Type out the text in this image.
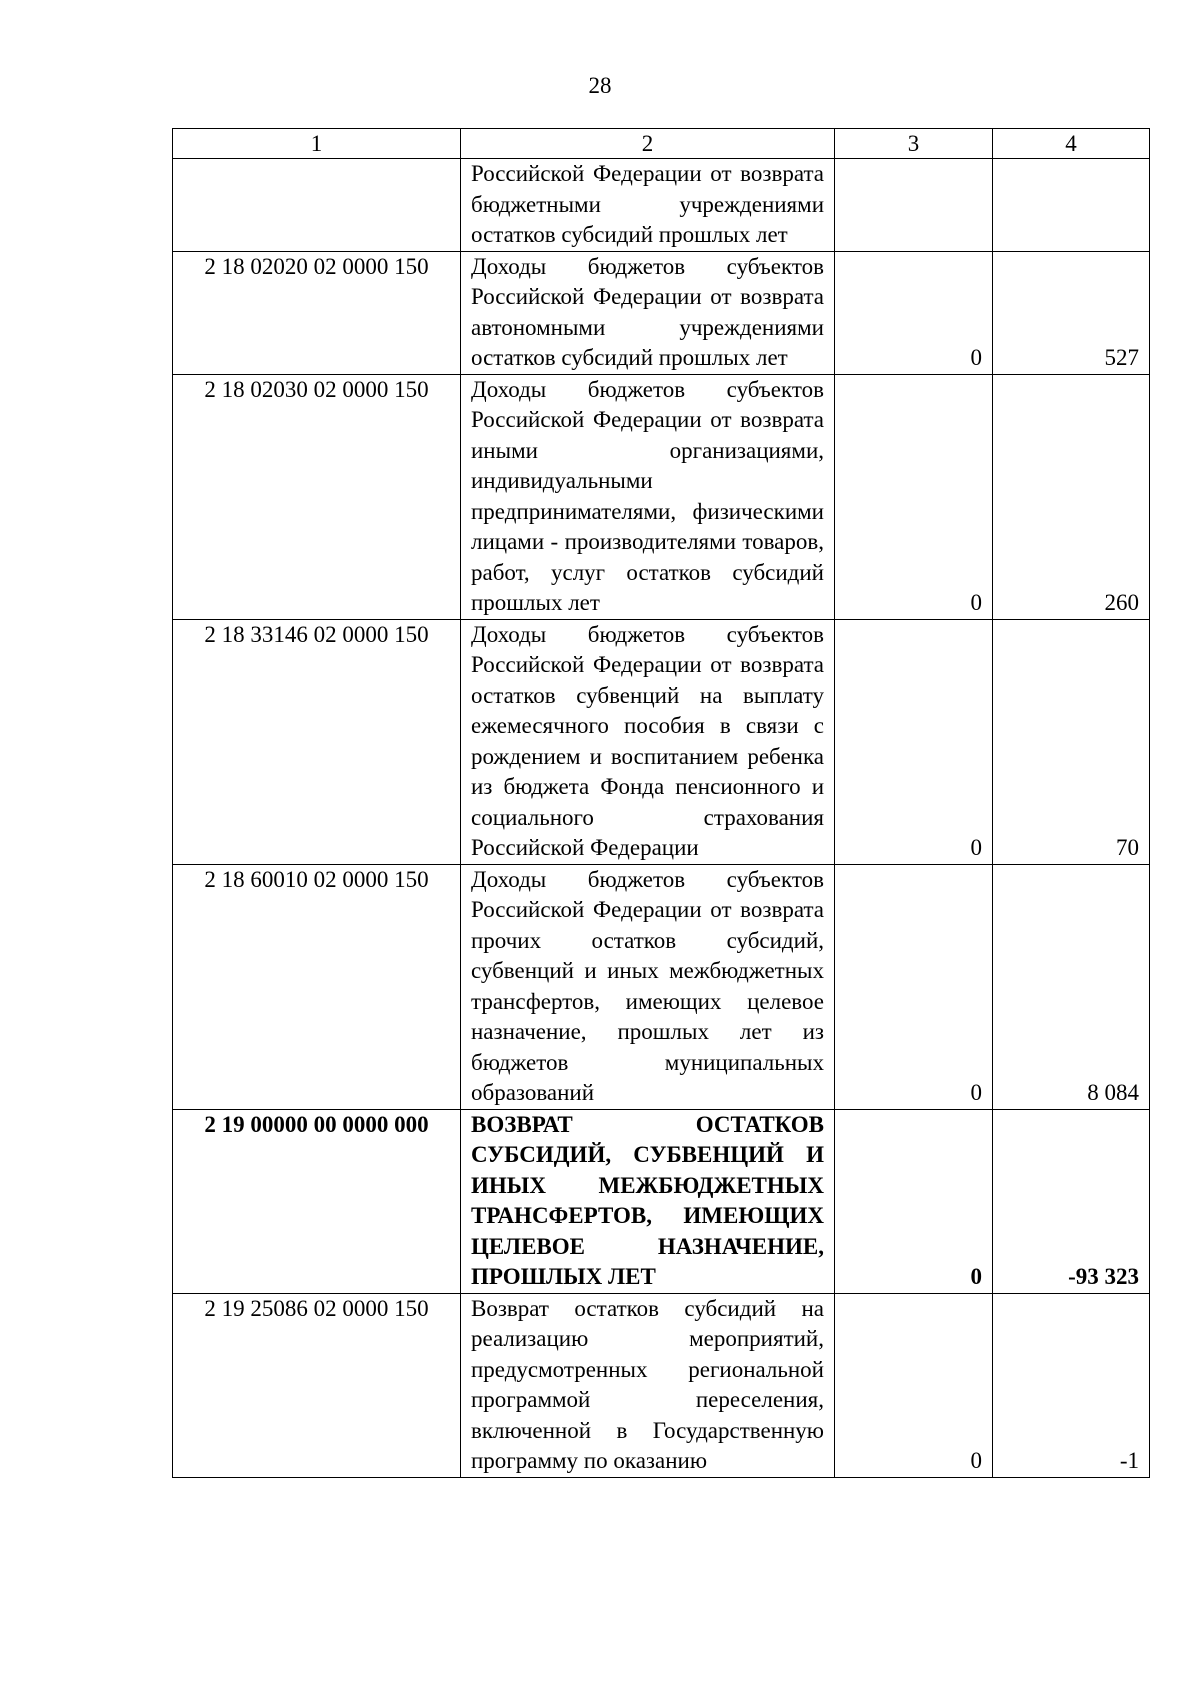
28
1	2	3	4
	Российской Федерации от возврата бюджетными учреждениями остатков субсидий прошлых лет		
2 18 02020 02 0000 150	Доходы бюджетов субъектов Российской Федерации от возврата автономными учреждениями остатков субсидий прошлых лет	0	527
2 18 02030 02 0000 150	Доходы бюджетов субъектов Российской Федерации от возврата иными организациями, индивидуальными предпринимателями, физическими лицами - производителями товаров, работ, услуг остатков субсидий прошлых лет	0	260
2 18 33146 02 0000 150	Доходы бюджетов субъектов Российской Федерации от возврата остатков субвенций на выплату ежемесячного пособия в связи с рождением и воспитанием ребенка из бюджета Фонда пенсионного и социального страхования Российской Федерации	0	70
2 18 60010 02 0000 150	Доходы бюджетов субъектов Российской Федерации от возврата прочих остатков субсидий, субвенций и иных межбюджетных трансфертов, имеющих целевое назначение, прошлых лет из бюджетов муниципальных образований	0	8 084
2 19 00000 00 0000 000	ВОЗВРАТ ОСТАТКОВ СУБСИДИЙ, СУБВЕНЦИЙ И ИНЫХ МЕЖБЮДЖЕТНЫХ ТРАНСФЕРТОВ, ИМЕЮЩИХ ЦЕЛЕВОЕ НАЗНАЧЕНИЕ, ПРОШЛЫХ ЛЕТ	0	-93 323
2 19 25086 02 0000 150	Возврат остатков субсидий на реализацию мероприятий, предусмотренных региональной программой переселения, включенной в Государственную программу по оказанию	0	-1
